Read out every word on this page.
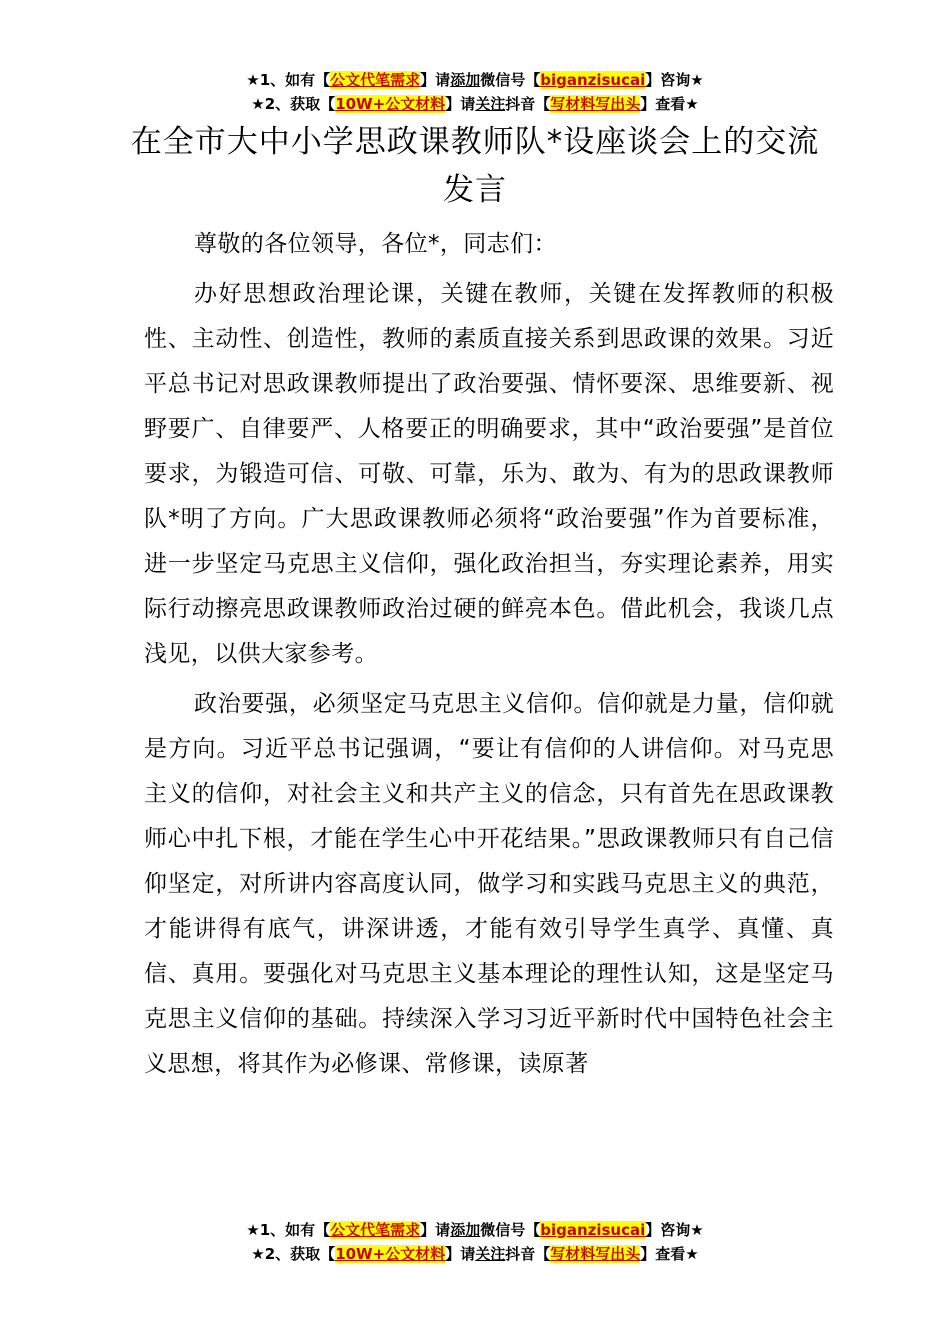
★1、如有【公文代笔需求】请添加微信号【biganzisucai】咨询★
★2、获取【10W+公文材料】请关注抖音【写材料写出头】查看★
在全市大中小学思政课教师队*设座谈会上的交流发言

尊敬的各位领导，各位*，同志们：

办好思想政治理论课，关键在教师，关键在发挥教师的积极性、主动性、创造性，教师的素质直接关系到思政课的效果。习近平总书记对思政课教师提出了政治要强、情怀要深、思维要新、视野要广、自律要严、人格要正的明确要求，其中“政治要强”是首位要求，为锻造可信、可敬、可靠，乐为、敢为、有为的思政课教师队*明了方向。广大思政课教师必须将“政治要强”作为首要标准，进一步坚定马克思主义信仰，强化政治担当，夯实理论素养，用实际行动擦亮思政课教师政治过硬的鲜亮本色。借此机会，我谈几点浅见，以供大家参考。

政治要强，必须坚定马克思主义信仰。信仰就是力量，信仰就是方向。习近平总书记强调，“要让有信仰的人讲信仰。对马克思主义的信仰，对社会主义和共产主义的信念，只有首先在思政课教师心中扎下根，才能在学生心中开花结果。”思政课教师只有自己信仰坚定，对所讲内容高度认同，做学习和实践马克思主义的典范，才能讲得有底气，讲深讲透，才能有效引导学生真学、真懂、真信、真用。要强化对马克思主义基本理论的理性认知，这是坚定马克思主义信仰的基础。持续深入学习习近平新时代中国特色社会主义思想，将其作为必修课、常修课，读原著

★1、如有【公文代笔需求】请添加微信号【biganzisucai】咨询★
★2、获取【10W+公文材料】请关注抖音【写材料写出头】查看★
